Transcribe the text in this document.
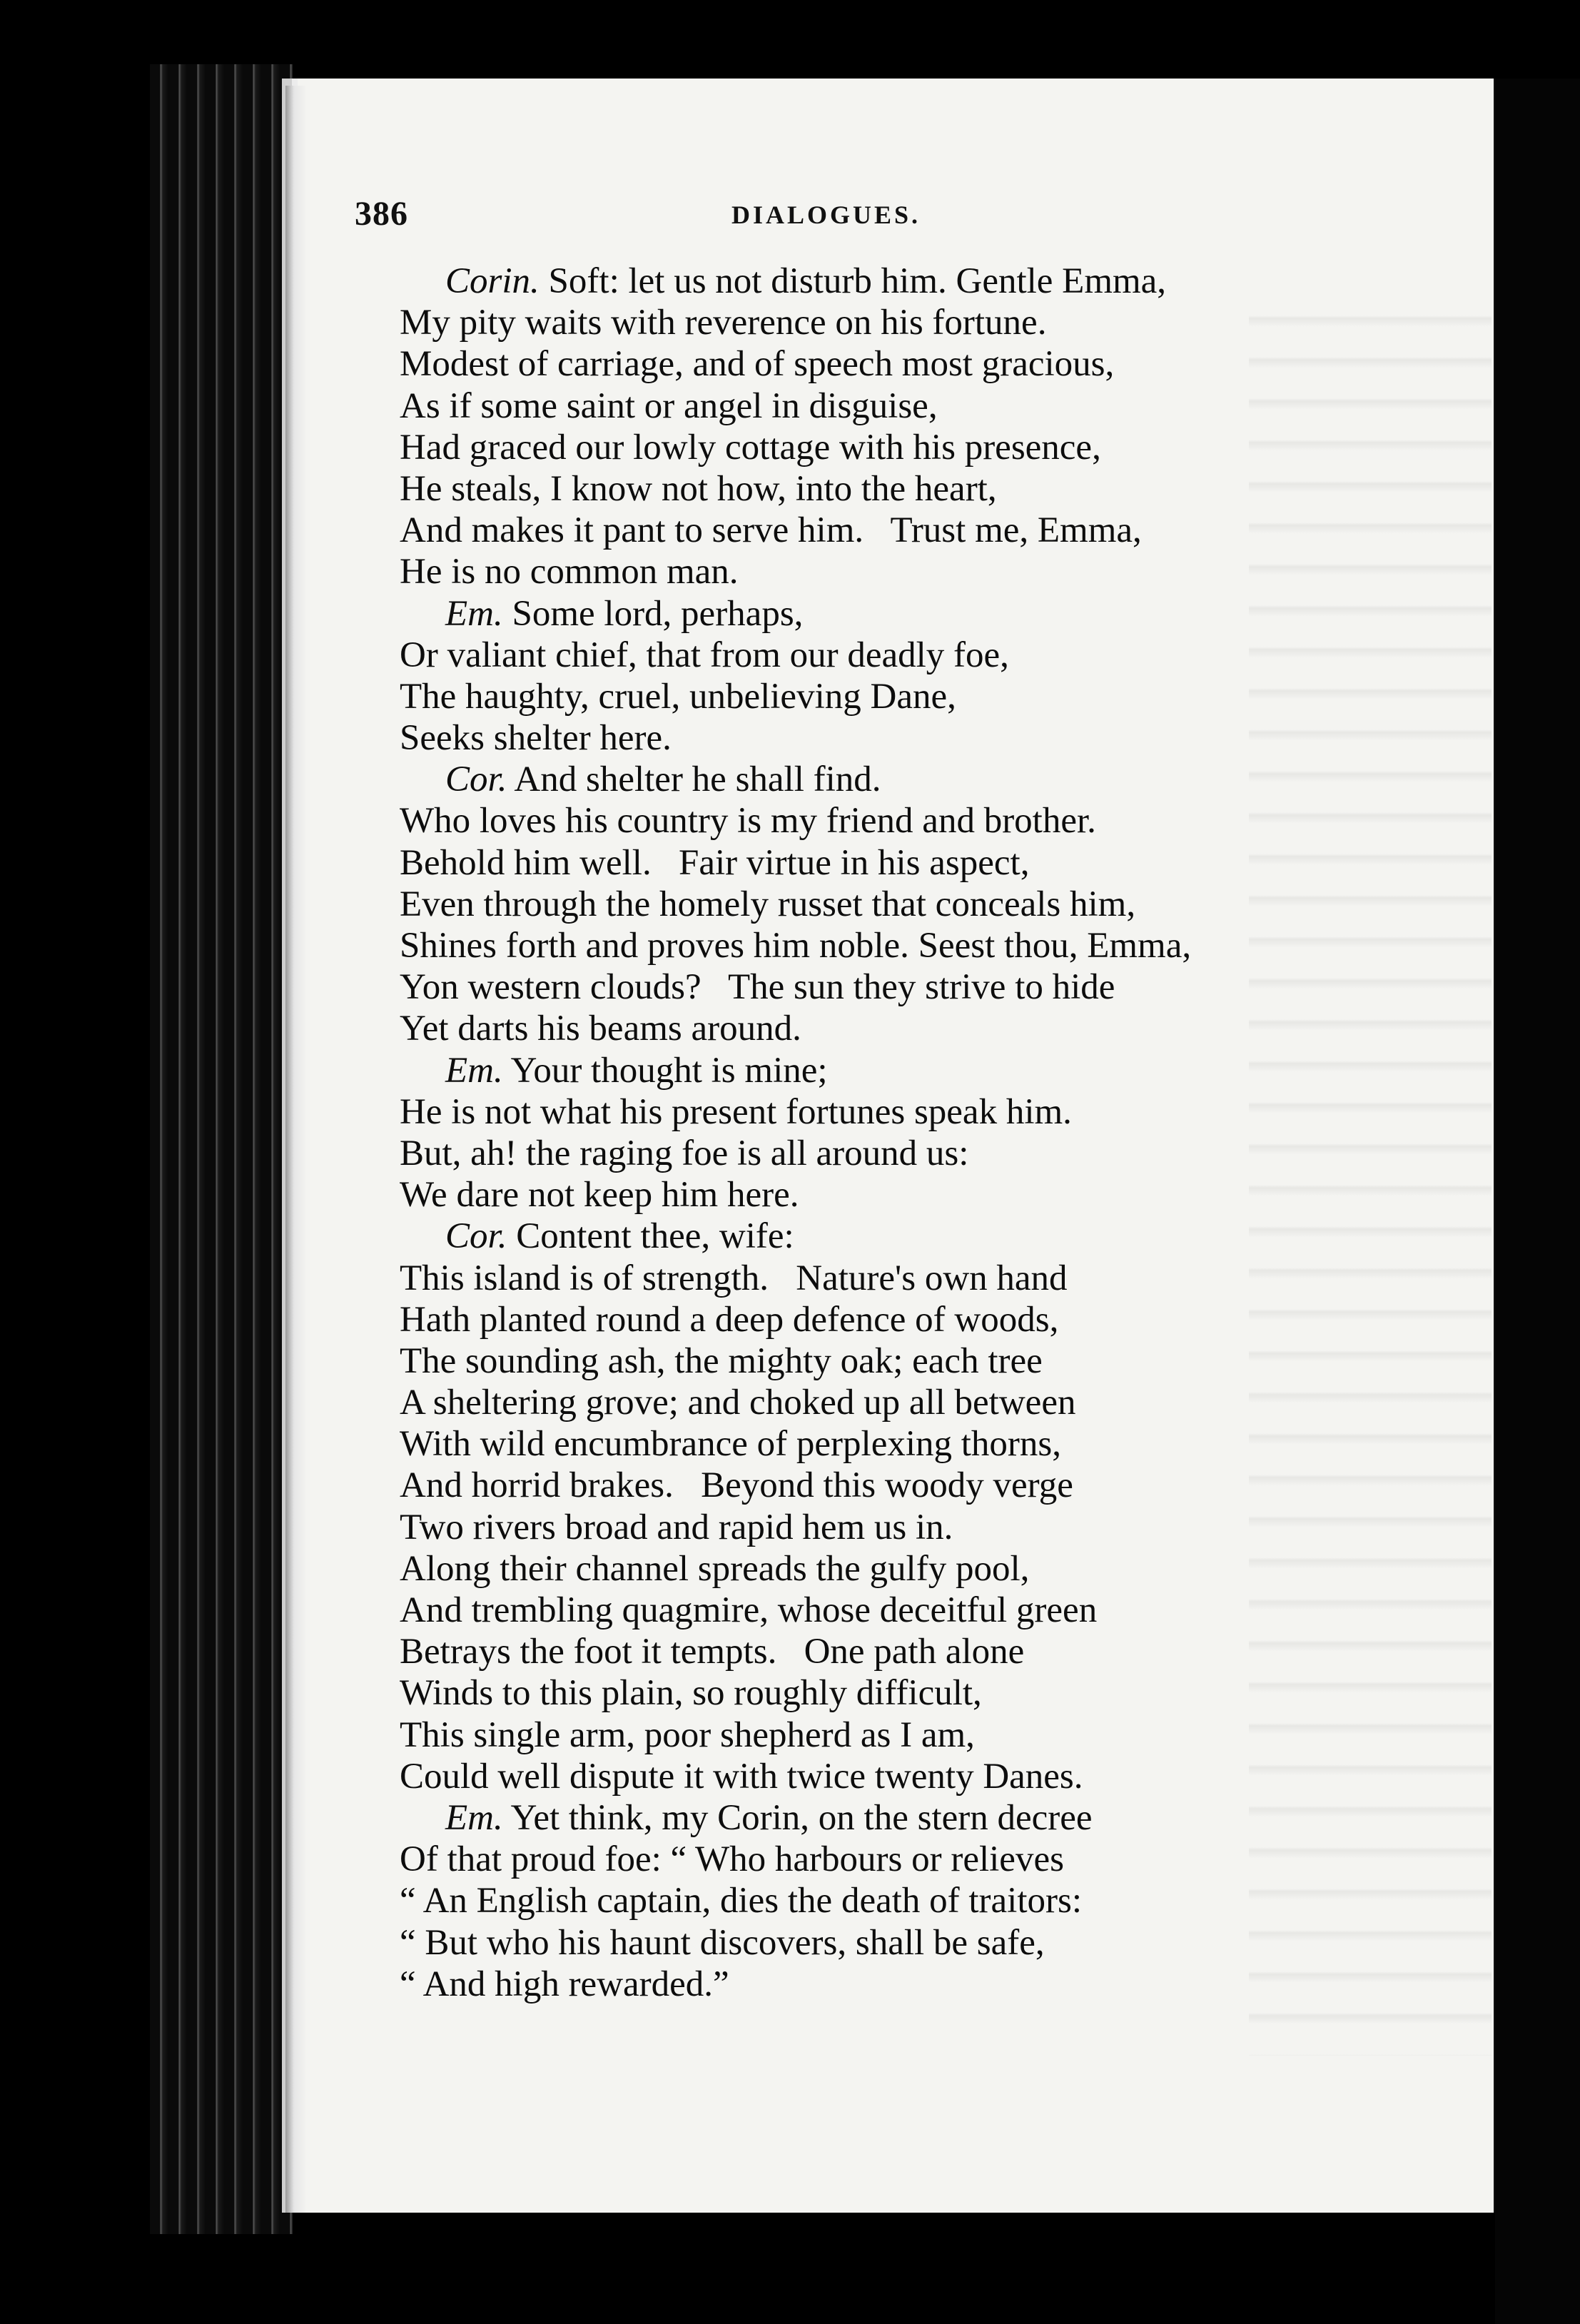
386	DIALOGUES.
Corin. Soft: let us not disturb him. Gentle Emma,
My pity waits with reverence on his fortune.
Modest of carriage, and of speech most gracious,
As if some saint or angel in disguise,
Had graced our lowly cottage with his presence,
He steals, I know not how, into the heart,
And makes it pant to serve him.   Trust me, Emma,
He is no common man.
Em. Some lord, perhaps,
Or valiant chief, that from our deadly foe,
The haughty, cruel, unbelieving Dane,
Seeks shelter here.
Cor. And shelter he shall find.
Who loves his country is my friend and brother.
Behold him well.   Fair virtue in his aspect,
Even through the homely russet that conceals him,
Shines forth and proves him noble. Seest thou, Emma,
Yon western clouds?   The sun they strive to hide
Yet darts his beams around.
Em. Your thought is mine;
He is not what his present fortunes speak him.
But, ah! the raging foe is all around us:
We dare not keep him here.
Cor. Content thee, wife:
This island is of strength.   Nature's own hand
Hath planted round a deep defence of woods,
The sounding ash, the mighty oak; each tree
A sheltering grove; and choked up all between
With wild encumbrance of perplexing thorns,
And horrid brakes.   Beyond this woody verge
Two rivers broad and rapid hem us in.
Along their channel spreads the gulfy pool,
And trembling quagmire, whose deceitful green
Betrays the foot it tempts.   One path alone
Winds to this plain, so roughly difficult,
This single arm, poor shepherd as I am,
Could well dispute it with twice twenty Danes.
Em. Yet think, my Corin, on the stern decree
Of that proud foe: “ Who harbours or relieves
“ An English captain, dies the death of traitors:
“ But who his haunt discovers, shall be safe,
“ And high rewarded.”
